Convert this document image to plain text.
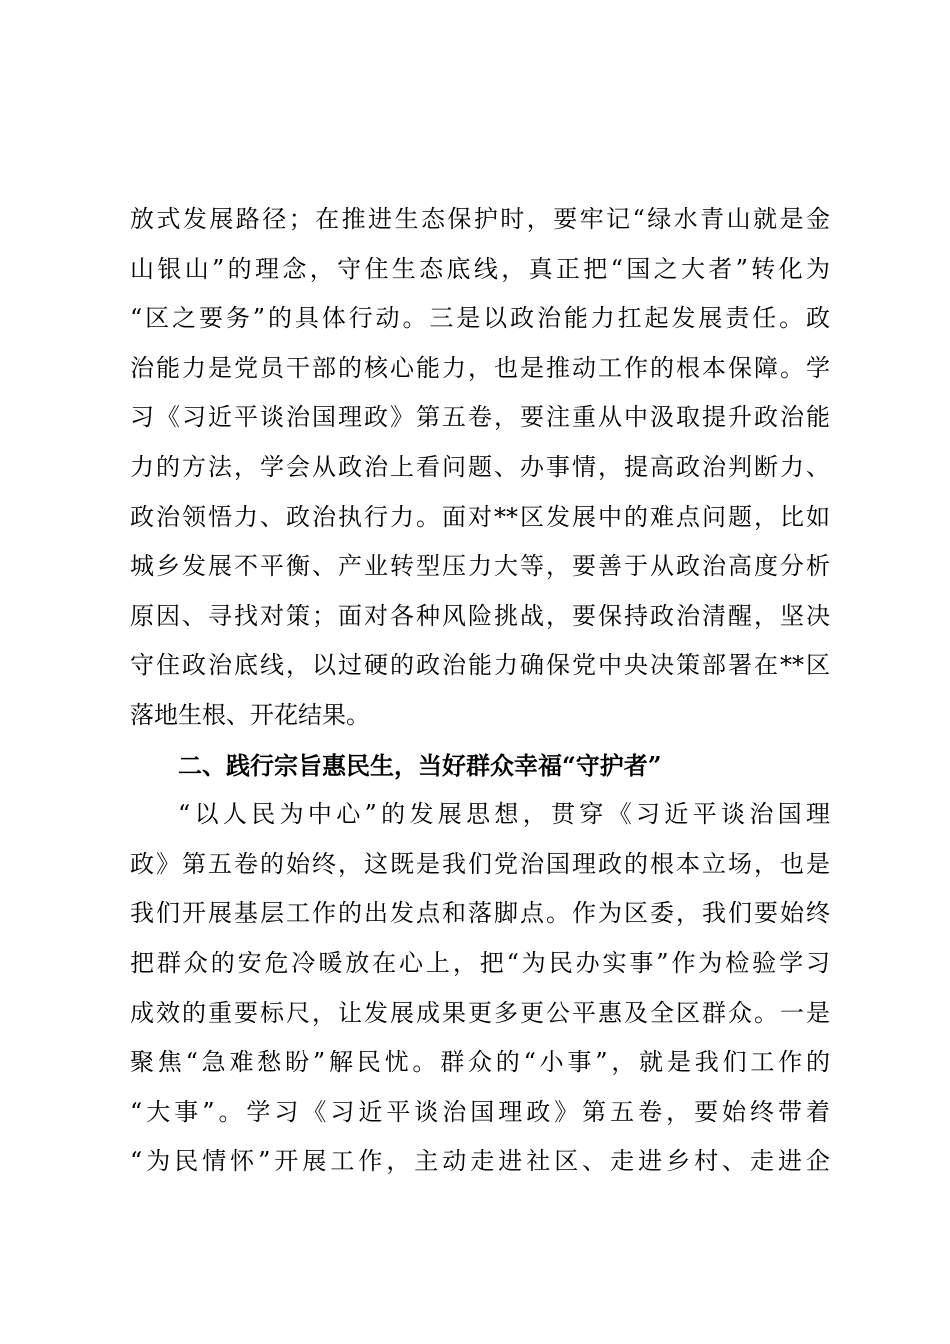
放式发展路径；在推进生态保护时，要牢记“绿水青山就是金
山银山”的理念，守住生态底线，真正把“国之大者”转化为
“区之要务”的具体行动。三是以政治能力扛起发展责任。政
治能力是党员干部的核心能力，也是推动工作的根本保障。学
习《习近平谈治国理政》第五卷，要注重从中汲取提升政治能
力的方法，学会从政治上看问题、办事情，提高政治判断力、
政治领悟力、政治执行力。面对**区发展中的难点问题，比如
城乡发展不平衡、产业转型压力大等，要善于从政治高度分析
原因、寻找对策；面对各种风险挑战，要保持政治清醒，坚决
守住政治底线，以过硬的政治能力确保党中央决策部署在**区
落地生根、开花结果。
二、践行宗旨惠民生，当好群众幸福“守护者”
“以人民为中心”的发展思想，贯穿《习近平谈治国理
政》第五卷的始终，这既是我们党治国理政的根本立场，也是
我们开展基层工作的出发点和落脚点。作为区委，我们要始终
把群众的安危冷暖放在心上，把“为民办实事”作为检验学习
成效的重要标尺，让发展成果更多更公平惠及全区群众。一是
聚焦“急难愁盼”解民忧。群众的“小事”，就是我们工作的
“大事”。学习《习近平谈治国理政》第五卷，要始终带着
“为民情怀”开展工作，主动走进社区、走进乡村、走进企
